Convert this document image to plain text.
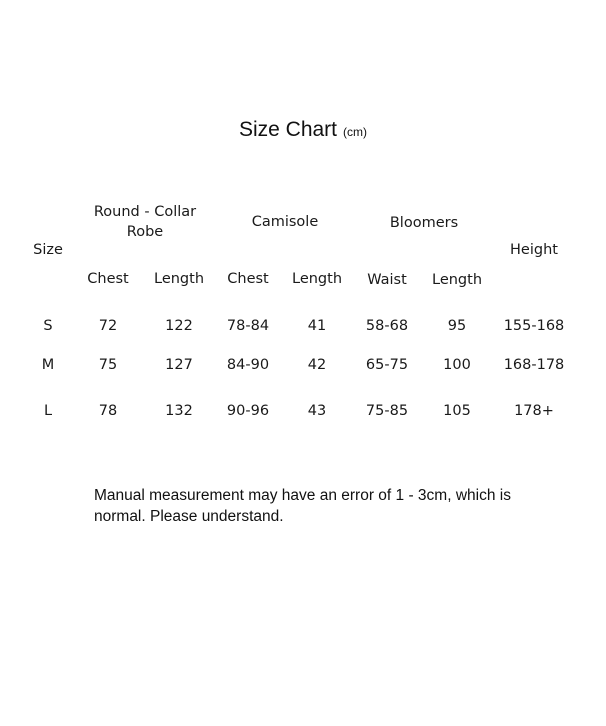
Size Chart (cm)
Round - Collar Robe
Camisole	Bloomers
Size	Height
Chest Length Chest Length Waist Length
S	72	122 78-84	41	58-68	95	155-168
M	75	127 84-90	42	65-75 100 168-178
L	78	132 90-96	43	75-85 105	178+
Manual measurement may have an error of 1 - 3cm, which is normal. Please understand.
